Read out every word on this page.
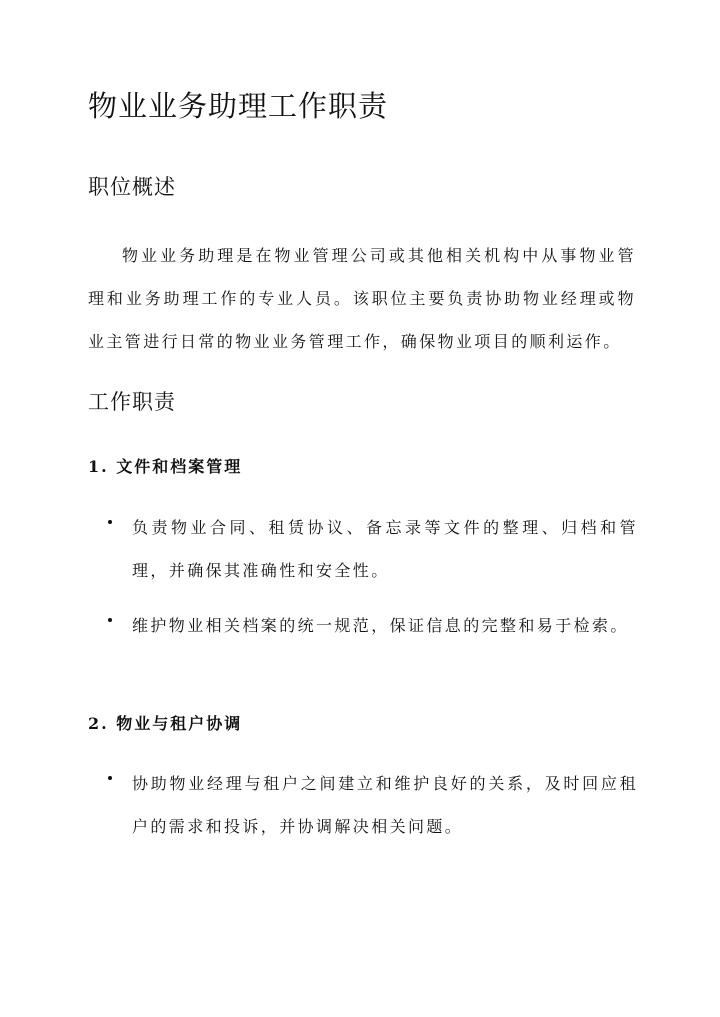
物业业务助理工作职责
职位概述
物业业务助理是在物业管理公司或其他相关机构中从事物业管理和业务助理工作的专业人员。该职位主要负责协助物业经理或物业主管进行日常的物业业务管理工作，确保物业项目的顺利运作。
工作职责
1. 文件和档案管理
负责物业合同、租赁协议、备忘录等文件的整理、归档和管理，并确保其准确性和安全性。
维护物业相关档案的统一规范，保证信息的完整和易于检索。
2. 物业与租户协调
协助物业经理与租户之间建立和维护良好的关系，及时回应租户的需求和投诉，并协调解决相关问题。
